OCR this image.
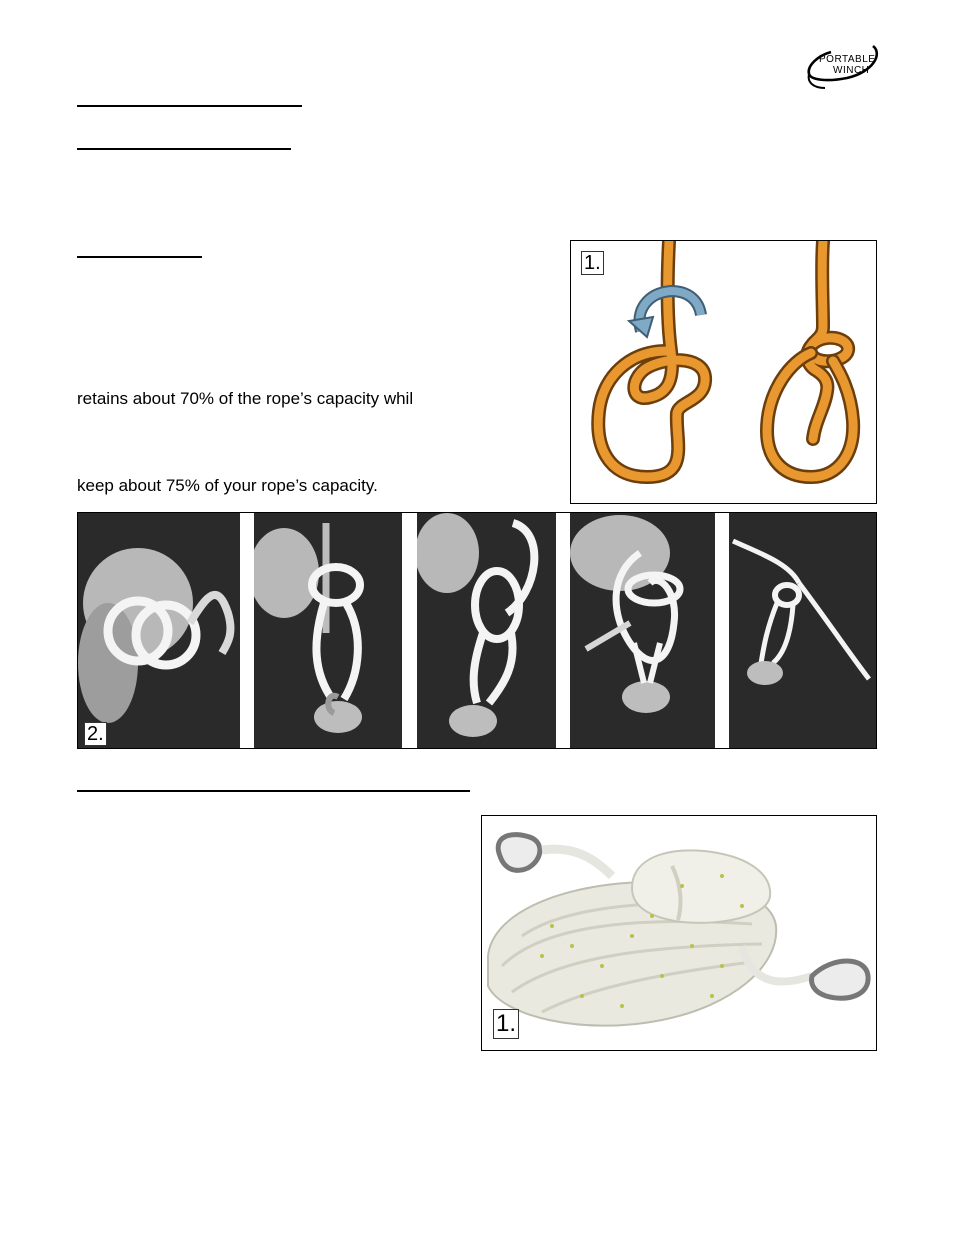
PORTABLE
WINCH
retains about 70% of the rope’s capacity whil
keep about 75% of your rope’s capacity.
1.
2.
1.
